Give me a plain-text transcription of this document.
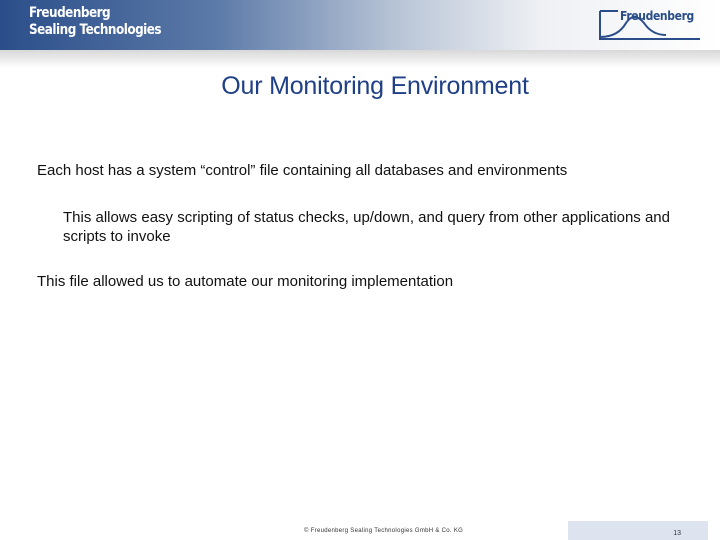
Freudenberg
Sealing Technologies
Freudenberg
Our Monitoring Environment
Each host has a system “control” file containing all databases and environments
This allows easy scripting of status checks, up/down, and query from other applications and scripts to invoke
This file allowed us to automate our monitoring implementation
© Freudenberg Sealing Technologies GmbH & Co. KG	13
